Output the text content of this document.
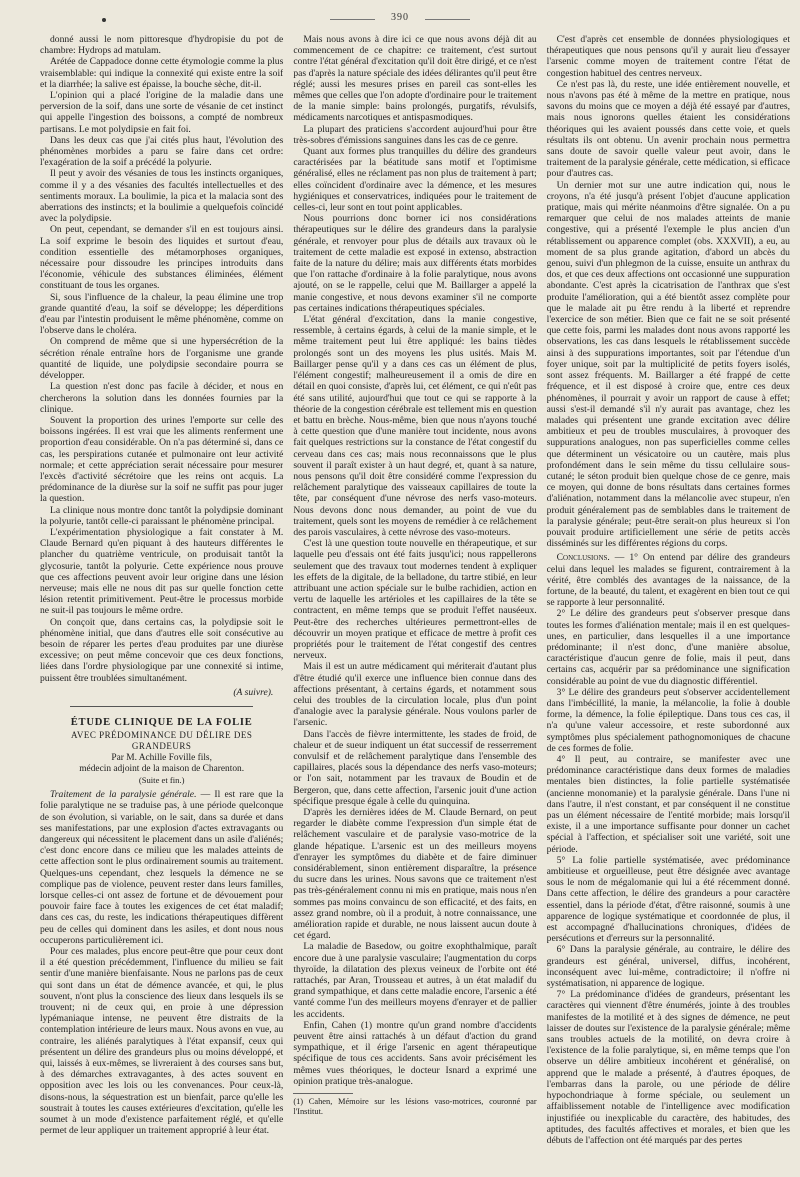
390

donné aussi le nom pittoresque d'hydropisie du pot de chambre: Hydrops ad matulam.

Arétée de Cappadoce donne cette étymologie comme la plus vraisemblable: qui indique la connexité qui existe entre la soif et la diarrhée; la salive est épaisse, la bouche sèche, dit-il.

L'opinion qui a placé l'origine de la maladie dans une perversion de la soif, dans une sorte de vésanie de cet instinct qui appelle l'ingestion des boissons, a compté de nombreux partisans. Le mot polydipsie en fait foi.

Dans les deux cas que j'ai cités plus haut, l'évolution des phénomènes morbides a paru se faire dans cet ordre: l'exagération de la soif a précédé la polyurie.

Il peut y avoir des vésanies de tous les instincts organiques, comme il y a des vésanies des facultés intellectuelles et des sentiments moraux. La boulimie, la pica et la malacia sont des aberrations des instincts; et la boulimie a quelquefois coïncidé avec la polydipsie.

On peut, cependant, se demander s'il en est toujours ainsi. La soif exprime le besoin des liquides et surtout d'eau, condition essentielle des métamorphoses organiques, nécessaire pour dissoudre les principes introduits dans l'économie, véhicule des substances éliminées, élément constituant de tous les organes.

Si, sous l'influence de la chaleur, la peau élimine une trop grande quantité d'eau, la soif se développe; les déperditions d'eau par l'intestin produisent le même phénomène, comme on l'observe dans le choléra.

On comprend de même que si une hypersécrétion de la sécrétion rénale entraîne hors de l'organisme une grande quantité de liquide, une polydipsie secondaire pourra se développer.

La question n'est donc pas facile à décider, et nous en chercherons la solution dans les données fournies par la clinique.

Souvent la proportion des urines l'emporte sur celle des boissons ingérées. Il est vrai que les aliments renferment une proportion d'eau considérable. On n'a pas déterminé si, dans ce cas, les perspirations cutanée et pulmonaire ont leur activité normale; et cette appréciation serait nécessaire pour mesurer l'excès d'activité sécrétoire que les reins ont acquis. La prédominance de la diurèse sur la soif ne suffit pas pour juger la question.

La clinique nous montre donc tantôt la polydipsie dominant la polyurie, tantôt celle-ci paraissant le phénomène principal.

L'expérimentation physiologique a fait constater à M. Claude Bernard qu'en piquant à des hauteurs différentes le plancher du quatrième ventricule, on produisait tantôt la glycosurie, tantôt la polyurie. Cette expérience nous prouve que ces affections peuvent avoir leur origine dans une lésion nerveuse; mais elle ne nous dit pas sur quelle fonction cette lésion retentit primitivement. Peut-être le processus morbide ne suit-il pas toujours le même ordre.

On conçoit que, dans certains cas, la polydipsie soit le phénomène initial, que dans d'autres elle soit consécutive au besoin de réparer les pertes d'eau produites par une diurèse excessive; on peut même concevoir que ces deux fonctions, liées dans l'ordre physiologique par une connexité si intime, puissent être troublées simultanément.

(A suivre).
ÉTUDE CLINIQUE DE LA FOLIE
AVEC PRÉDOMINANCE DU DÉLIRE DES GRANDEURS
Par M. Achille Foville fils,
médecin adjoint de la maison de Charenton.
(Suite et fin.)

Traitement de la paralysie générale. — Il est rare que la folie paralytique ne se traduise pas, à une période quelconque de son évolution, si variable, on le sait, dans sa durée et dans ses manifestations, par une explosion d'actes extravagants ou dangereux qui nécessitent le placement dans un asile d'aliénés; c'est donc encore dans ce milieu que les malades atteints de cette affection sont le plus ordinairement soumis au traitement. Quelques-uns cependant, chez lesquels la démence ne se complique pas de violence, peuvent rester dans leurs familles, lorsque celles-ci ont assez de fortune et de dévouement pour pouvoir faire face à toutes les exigences de cet état maladif; dans ces cas, du reste, les indications thérapeutiques diffèrent peu de celles qui dominent dans les asiles, et dont nous nous occuperons particulièrement ici.

Pour ces malades, plus encore peut-être que pour ceux dont il a été question précédemment, l'influence du milieu se fait sentir d'une manière bienfaisante. Nous ne parlons pas de ceux qui sont dans un état de démence avancée, et qui, le plus souvent, n'ont plus la conscience des lieux dans lesquels ils se trouvent; ni de ceux qui, en proie à une dépression lypémaniaque intense, ne peuvent être distraits de la contemplation intérieure de leurs maux. Nous avons en vue, au contraire, les aliénés paralytiques à l'état expansif, ceux qui présentent un délire des grandeurs plus ou moins développé, et qui, laissés à eux-mêmes, se livreraient à des courses sans but, à des démarches extravagantes, à des actes souvent en opposition avec les lois ou les convenances. Pour ceux-là, disons-nous, la séquestration est un bienfait, parce qu'elle les soustrait à toutes les causes extérieures d'excitation, qu'elle les soumet à un mode d'existence parfaitement réglé, et qu'elle permet de leur appliquer un traitement approprié à leur état.

Mais nous avons à dire ici ce que nous avons déjà dit au commencement de ce chapitre: ce traitement, c'est surtout contre l'état général d'excitation qu'il doit être dirigé, et ce n'est pas d'après la nature spéciale des idées délirantes qu'il peut être réglé; aussi les mesures prises en pareil cas sont-elles les mêmes que celles que l'on adopte d'ordinaire pour le traitement de la manie simple: bains prolongés, purgatifs, révulsifs, médicaments narcotiques et antispasmodiques.

La plupart des praticiens s'accordent aujourd'hui pour être très-sobres d'émissions sanguines dans les cas de ce genre.

Quant aux formes plus tranquilles du délire des grandeurs caractérisées par la béatitude sans motif et l'optimisme généralisé, elles ne réclament pas non plus de traitement à part; elles coïncident d'ordinaire avec la démence, et les mesures hygiéniques et conservatrices, indiquées pour le traitement de celles-ci, leur sont en tout point applicables.

Nous pourrions donc borner ici nos considérations thérapeutiques sur le délire des grandeurs dans la paralysie générale, et renvoyer pour plus de détails aux travaux où le traitement de cette maladie est exposé in extenso, abstraction faite de la nature du délire; mais aux différents états morbides que l'on rattache d'ordinaire à la folie paralytique, nous avons ajouté, on se le rappelle, celui que M. Baillarger a appelé la manie congestive, et nous devons examiner s'il ne comporte pas certaines indications thérapeutiques spéciales.

L'état général d'excitation, dans la manie congestive, ressemble, à certains égards, à celui de la manie simple, et le même traitement peut lui être appliqué: les bains tièdes prolongés sont un des moyens les plus usités. Mais M. Baillarger pense qu'il y a dans ces cas un élément de plus, l'élément congestif; malheureusement il a omis de dire en détail en quoi consiste, d'après lui, cet élément, ce qui n'eût pas été sans utilité, aujourd'hui que tout ce qui se rapporte à la théorie de la congestion cérébrale est tellement mis en question et battu en brèche. Nous-même, bien que nous n'ayons touché à cette question que d'une manière tout incidente, nous avons fait quelques restrictions sur la constance de l'état congestif du cerveau dans ces cas; mais nous reconnaissons que le plus souvent il paraît exister à un haut degré, et, quant à sa nature, nous pensons qu'il doit être considéré comme l'expression du relâchement paralytique des vaisseaux capillaires de toute la tête, par conséquent d'une névrose des nerfs vaso-moteurs. Nous devons donc nous demander, au point de vue du traitement, quels sont les moyens de remédier à ce relâchement des parois vasculaires, à cette névrose des vaso-moteurs.

C'est là une question toute nouvelle en thérapeutique, et sur laquelle peu d'essais ont été faits jusqu'ici; nous rappellerons seulement que des travaux tout modernes tendent à expliquer les effets de la digitale, de la belladone, du tartre stibié, en leur attribuant une action spéciale sur le bulbe rachidien, action en vertu de laquelle les artérioles et les capillaires de la tête se contractent, en même temps que se produit l'effet nauséeux. Peut-être des recherches ultérieures permettront-elles de découvrir un moyen pratique et efficace de mettre à profit ces propriétés pour le traitement de l'état congestif des centres nerveux.

Mais il est un autre médicament qui mériterait d'autant plus d'être étudié qu'il exerce une influence bien connue dans des affections présentant, à certains égards, et notamment sous celui des troubles de la circulation locale, plus d'un point d'analogie avec la paralysie générale. Nous voulons parler de l'arsenic.

Dans l'accès de fièvre intermittente, les stades de froid, de chaleur et de sueur indiquent un état successif de resserrement convulsif et de relâchement paralytique dans l'ensemble des capillaires, placés sous la dépendance des nerfs vaso-moteurs; or l'on sait, notamment par les travaux de Boudin et de Bergeron, que, dans cette affection, l'arsenic jouit d'une action spécifique presque égale à celle du quinquina.

D'après les dernières idées de M. Claude Bernard, on peut regarder le diabète comme l'expression d'un simple état de relâchement vasculaire et de paralysie vaso-motrice de la glande hépatique. L'arsenic est un des meilleurs moyens d'enrayer les symptômes du diabète et de faire diminuer considérablement, sinon entièrement disparaître, la présence du sucre dans les urines. Nous savons que ce traitement n'est pas très-généralement connu ni mis en pratique, mais nous n'en sommes pas moins convaincu de son efficacité, et des faits, en assez grand nombre, où il a produit, à notre connaissance, une amélioration rapide et durable, ne nous laissent aucun doute à cet égard.

La maladie de Basedow, ou goitre exophthalmique, paraît encore due à une paralysie vasculaire; l'augmentation du corps thyroïde, la dilatation des plexus veineux de l'orbite ont été rattachés, par Aran, Trousseau et autres, à un état maladif du grand sympathique, et dans cette maladie encore, l'arsenic a été vanté comme l'un des meilleurs moyens d'enrayer et de pallier les accidents.

Enfin, Cahen (1) montre qu'un grand nombre d'accidents peuvent être ainsi rattachés à un défaut d'action du grand sympathique, et il érige l'arsenic en agent thérapeutique spécifique de tous ces accidents. Sans avoir précisément les mêmes vues théoriques, le docteur Isnard a exprimé une opinion pratique très-analogue.

(1) Cahen, Mémoire sur les lésions vaso-motrices, couronné par l'Institut.

C'est d'après cet ensemble de données physiologiques et thérapeutiques que nous pensons qu'il y aurait lieu d'essayer l'arsenic comme moyen de traitement contre l'état de congestion habituel des centres nerveux.

Ce n'est pas là, du reste, une idée entièrement nouvelle, et nous n'avons pas été à même de la mettre en pratique, nous savons du moins que ce moyen a déjà été essayé par d'autres, mais nous ignorons quelles étaient les considérations théoriques qui les avaient poussés dans cette voie, et quels résultats ils ont obtenu. Un avenir prochain nous permettra sans doute de savoir quelle valeur peut avoir, dans le traitement de la paralysie générale, cette médication, si efficace pour d'autres cas.

Un dernier mot sur une autre indication qui, nous le croyons, n'a été jusqu'à présent l'objet d'aucune application pratique, mais qui mérite néanmoins d'être signalée. On a pu remarquer que celui de nos malades atteints de manie congestive, qui a présenté l'exemple le plus ancien d'un rétablissement ou apparence complet (obs. XXXVII), a eu, au moment de sa plus grande agitation, d'abord un abcès du genou, suivi d'un phlegmon de la cuisse, ensuite un anthrax du dos, et que ces deux affections ont occasionné une suppuration abondante. C'est après la cicatrisation de l'anthrax que s'est produite l'amélioration, qui a été bientôt assez complète pour que le malade ait pu être rendu à la liberté et reprendre l'exercice de son métier. Bien que ce fait ne se soit présenté que cette fois, parmi les malades dont nous avons rapporté les observations, les cas dans lesquels le rétablissement succède ainsi à des suppurations importantes, soit par l'étendue d'un foyer unique, soit par la multiplicité de petits foyers isolés, sont assez fréquents. M. Baillarger a été frappé de cette fréquence, et il est disposé à croire que, entre ces deux phénomènes, il pourrait y avoir un rapport de cause à effet; aussi s'est-il demandé s'il n'y aurait pas avantage, chez les malades qui présentent une grande excitation avec délire ambitieux et peu de troubles musculaires, à provoquer des suppurations analogues, non pas superficielles comme celles que déterminent un vésicatoire ou un cautère, mais plus profondément dans le sein même du tissu cellulaire sous-cutané; le séton produit bien quelque chose de ce genre, mais ce moyen, qui donne de bons résultats dans certaines formes d'aliénation, notamment dans la mélancolie avec stupeur, n'en produit généralement pas de semblables dans le traitement de la paralysie générale; peut-être serait-on plus heureux si l'on pouvait produire artificiellement une série de petits accès disséminés sur les différentes régions du corps.

Conclusions. — 1° On entend par délire des grandeurs celui dans lequel les malades se figurent, contrairement à la vérité, être comblés des avantages de la naissance, de la fortune, de la beauté, du talent, et exagèrent en bien tout ce qui se rapporte à leur personnalité.

2° Le délire des grandeurs peut s'observer presque dans toutes les formes d'aliénation mentale; mais il en est quelques-unes, en particulier, dans lesquelles il a une importance prédominante; il n'est donc, d'une manière absolue, caractéristique d'aucun genre de folie, mais il peut, dans certains cas, acquérir par sa prédominance une signification considérable au point de vue du diagnostic différentiel.

3° Le délire des grandeurs peut s'observer accidentellement dans l'imbécillité, la manie, la mélancolie, la folie à double forme, la démence, la folie épileptique. Dans tous ces cas, il n'a qu'une valeur accessoire, et reste subordonné aux symptômes plus spécialement pathognomoniques de chacune de ces formes de folie.

4° Il peut, au contraire, se manifester avec une prédominance caractéristique dans deux formes de maladies mentales bien distinctes, la folie partielle systématisée (ancienne monomanie) et la paralysie générale. Dans l'une ni dans l'autre, il n'est constant, et par conséquent il ne constitue pas un élément nécessaire de l'entité morbide; mais lorsqu'il existe, il a une importance suffisante pour donner un cachet spécial à l'affection, et spécialiser soit une variété, soit une période.

5° La folie partielle systématisée, avec prédominance ambitieuse et orgueilleuse, peut être désignée avec avantage sous le nom de mégalomanie qui lui a été récemment donné. Dans cette affection, le délire des grandeurs a pour caractère essentiel, dans la période d'état, d'être raisonné, soumis à une apparence de logique systématique et coordonnée de plus, il est accompagné d'hallucinations chroniques, d'idées de persécutions et d'erreurs sur la personnalité.

6° Dans la paralysie générale, au contraire, le délire des grandeurs est général, universel, diffus, incohérent, inconséquent avec lui-même, contradictoire; il n'offre ni systématisation, ni apparence de logique.

7° La prédominance d'idées de grandeurs, présentant les caractères qui viennent d'être énumérés, jointe à des troubles manifestes de la motilité et à des signes de démence, ne peut laisser de doutes sur l'existence de la paralysie générale; même sans troubles actuels de la motilité, on devra croire à l'existence de la folie paralytique, si, en même temps que l'on observe un délire ambitieux incohérent et généralisé, on apprend que le malade a présenté, à d'autres époques, de l'embarras dans la parole, ou une période de délire hypochondriaque à forme spéciale, ou seulement un affaiblissement notable de l'intelligence avec modification injustifiée ou inexplicable du caractère, des habitudes, des aptitudes, des facultés affectives et morales, et bien que les débuts de l'affection ont été marqués par des pertes
